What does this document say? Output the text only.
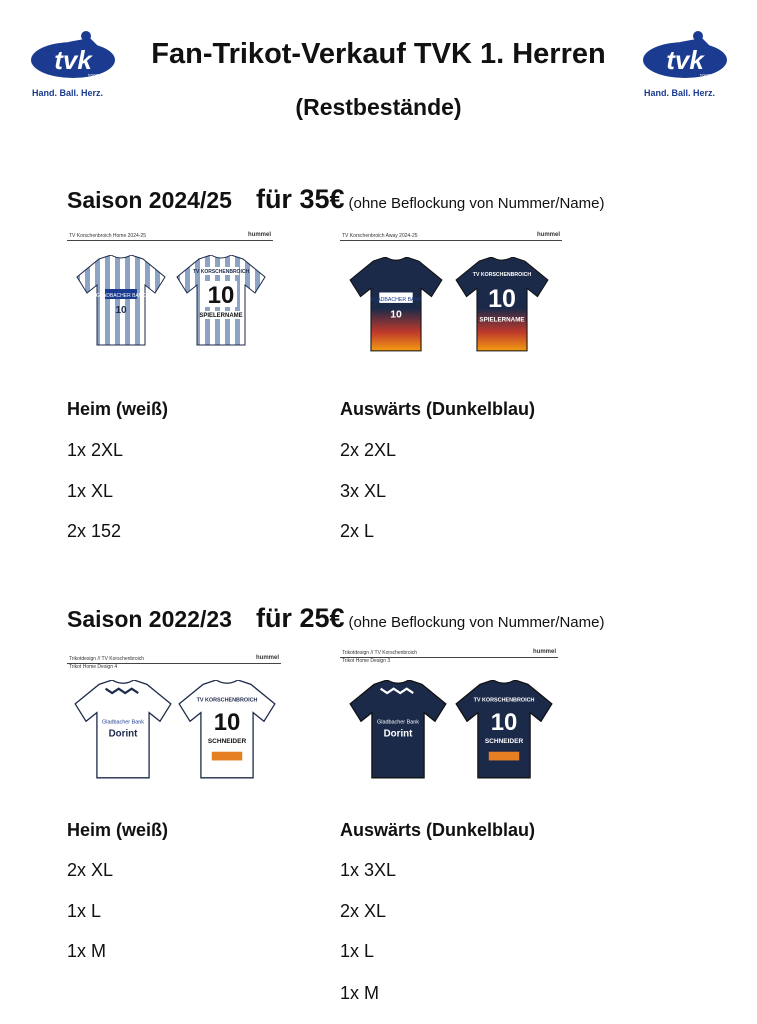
tvk
1908 e.V.
Hand. Ball. Herz.
tvk
1908 e.V.
Hand. Ball. Herz.
Fan-Trikot-Verkauf TVK 1. Herren
(Restbestände)
Saison 2024/25 für 35€ (ohne Beflockung von Nummer/Name)
TV Korschenbroich Home 2024-25	hummel
GLADBACHER BANK
10
TV KORSCHENBROICH
10
SPIELERNAME
TV Korschenbroich Away 2024-25	hummel
GLADBACHER BANK
10
TV KORSCHENBROICH
10
SPIELERNAME
Heim (weiß)
1x 2XL
1x XL
2x 152
Auswärts (Dunkelblau)
2x 2XL
3x XL
2x L
Saison 2022/23 für 25€ (ohne Beflockung von Nummer/Name)
Trikotdesign // TV Korschenbroich
Trikot Home Design 4
hummel
Gladbacher Bank
Dorint
TV KORSCHENBROICH
10
SCHNEIDER
Trikotdesign // TV Korschenbroich
Trikot Home Design 3
hummel
Gladbacher Bank
Dorint
TV KORSCHENBROICH
10
SCHNEIDER
Heim (weiß)
2x XL
1x L
1x M
Auswärts (Dunkelblau)
1x 3XL
2x XL
1x L
1x M
